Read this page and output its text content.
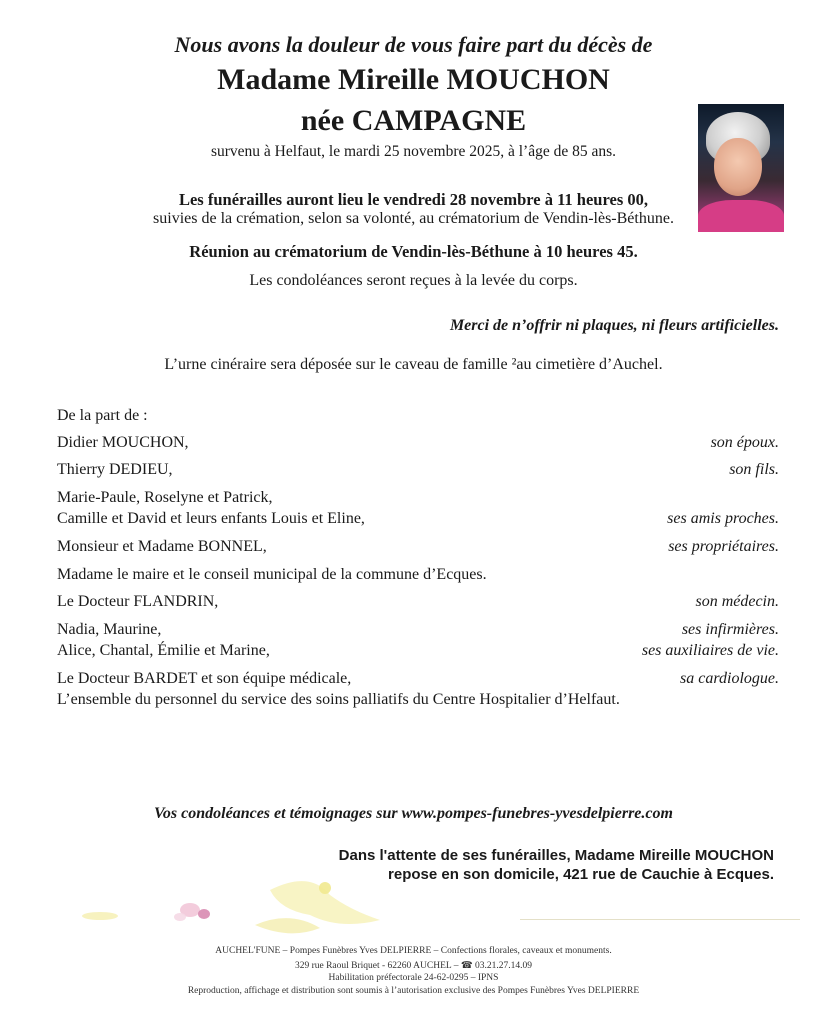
Nous avons la douleur de vous faire part du décès de
Madame Mireille MOUCHON
née CAMPAGNE
survenu à Helfaut, le mardi 25 novembre 2025, à l’âge de 85 ans.
Les funérailles auront lieu le vendredi 28 novembre à 11 heures 00,
suivies de la crémation, selon sa volonté, au crématorium de Vendin-lès-Béthune.
Réunion au crématorium de Vendin-lès-Béthune à 10 heures 45.
Les condoléances seront reçues à la levée du corps.
Merci de n’offrir ni plaques, ni fleurs artificielles.
L’urne cinéraire sera déposée sur le caveau de famille ²au cimetière d’Auchel.
De la part de :
Didier MOUCHON,	son époux.
Thierry DEDIEU,	son fils.
Marie-Paule, Roselyne et Patrick,
Camille et David et leurs enfants Louis et Eline,	ses amis proches.
Monsieur et Madame BONNEL,	ses propriétaires.
Madame le maire et le conseil municipal de la commune d’Ecques.
Le Docteur FLANDRIN,	son médecin.
Nadia, Maurine,	ses infirmières.
Alice, Chantal, Émilie et Marine,	ses auxiliaires de vie.
Le Docteur BARDET et son équipe médicale,	sa cardiologue.
L’ensemble du personnel du service des soins palliatifs du Centre Hospitalier d’Helfaut.
Vos condoléances et témoignages sur www.pompes-funebres-yvesdelpierre.com
Dans l'attente de ses funérailles, Madame Mireille MOUCHON
repose en son domicile, 421 rue de Cauchie à Ecques.
AUCHEL'FUNE – Pompes Funèbres Yves DELPIERRE – Confections florales, caveaux et monuments.
329 rue Raoul Briquet - 62260 AUCHEL – ☎ 03.21.27.14.09
Habilitation préfectorale 24-62-0295 – IPNS
Reproduction, affichage et distribution sont soumis à l’autorisation exclusive des Pompes Funèbres Yves DELPIERRE
